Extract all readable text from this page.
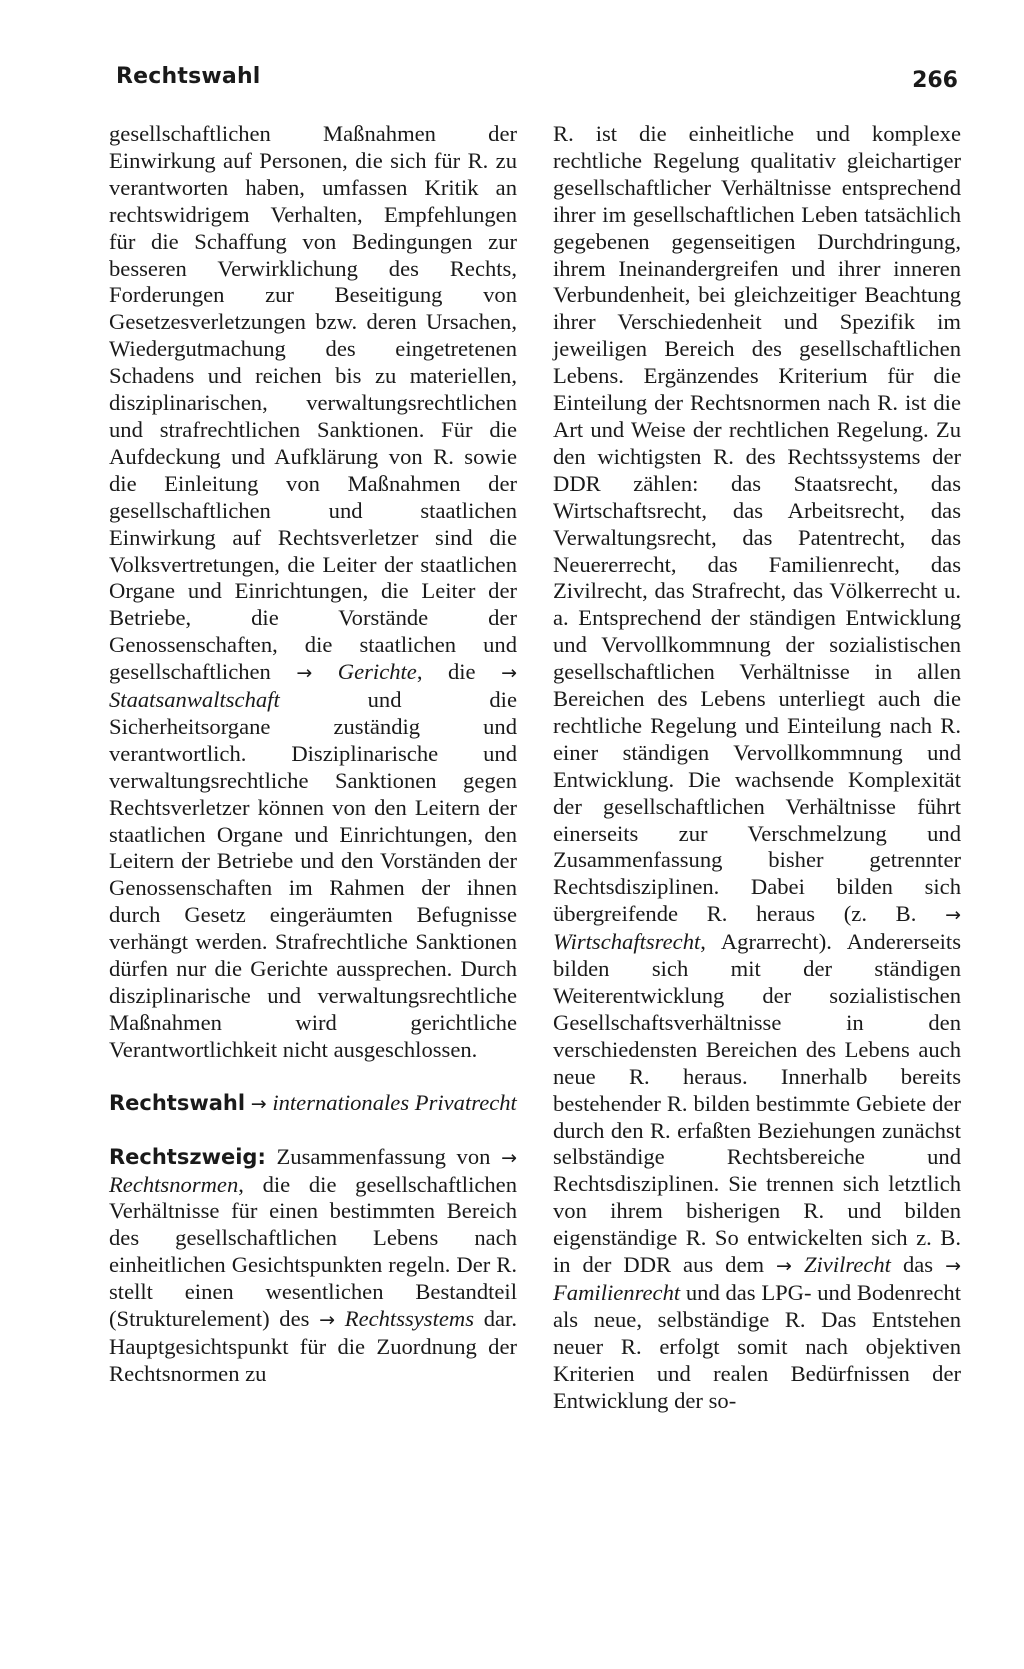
Rechtswahl	266

gesellschaftlichen Maßnahmen der Einwirkung auf Personen, die sich für R. zu verantworten haben, umfassen Kritik an rechtswidrigem Verhalten, Empfehlungen für die Schaffung von Bedingungen zur besseren Verwirklichung des Rechts, Forderungen zur Beseitigung von Gesetzesverletzungen bzw. deren Ursachen, Wiedergutmachung des eingetretenen Schadens und reichen bis zu materiellen, disziplinarischen, verwaltungsrechtlichen und strafrechtlichen Sanktionen. Für die Aufdeckung und Aufklärung von R. sowie die Einleitung von Maßnahmen der gesellschaftlichen und staatlichen Einwirkung auf Rechtsverletzer sind die Volksvertretungen, die Leiter der staatlichen Organe und Einrichtungen, die Leiter der Betriebe, die Vorstände der Genossenschaften, die staatlichen und gesellschaftlichen → Gerichte, die → Staatsanwaltschaft	und die Sicherheitsorgane zuständig und verantwortlich. Disziplinarische und verwaltungsrechtliche Sanktionen gegen Rechtsverletzer können von den Leitern der staatlichen Organe und Einrichtungen, den Leitern der Betriebe und den Vorständen der Genossenschaften im Rahmen der ihnen durch Gesetz eingeräumten Befugnisse verhängt werden. Strafrechtliche Sanktionen dürfen nur die Gerichte aussprechen. Durch disziplinarische und verwaltungsrechtliche Maßnahmen wird gerichtliche Verantwortlichkeit nicht ausgeschlossen.

Rechtswahl → internationales Privatrecht

Rechtszweig: Zusammenfassung von → Rechtsnormen, die die gesellschaftlichen Verhältnisse für einen bestimmten Bereich des gesellschaftlichen Lebens nach einheitlichen Gesichtspunkten regeln. Der R. stellt einen wesentlichen Bestandteil (Strukturelement) des → Rechtssystems dar. Hauptgesichtspunkt für die Zuordnung der Rechtsnormen zu

R. ist die einheitliche und komplexe rechtliche Regelung qualitativ gleichartiger gesellschaftlicher Verhältnisse entsprechend ihrer im gesellschaftlichen Leben tatsächlich gegebenen gegenseitigen Durchdringung, ihrem Ineinandergreifen und ihrer inneren Verbundenheit, bei gleichzeitiger Beachtung ihrer Verschiedenheit und Spezifik im jeweiligen Bereich des gesellschaftlichen Lebens. Ergänzendes Kriterium für die Einteilung der Rechtsnormen nach R. ist die Art und Weise der rechtlichen Regelung. Zu den wichtigsten R. des Rechtssystems der DDR zählen: das Staatsrecht, das Wirtschaftsrecht, das Arbeitsrecht, das Verwaltungsrecht, das Patentrecht, das Neuererrecht, das Familienrecht, das Zivilrecht, das Strafrecht, das Völkerrecht u. a. Entsprechend der ständigen Entwicklung und Vervollkommnung der sozialistischen gesellschaftlichen Verhältnisse in allen Bereichen des Lebens unterliegt auch die rechtliche Regelung und Einteilung nach R. einer ständigen Vervollkommnung und Entwicklung. Die wachsende Komplexität der gesellschaftlichen Verhältnisse führt einerseits zur Verschmelzung und Zusammenfassung bisher getrennter Rechtsdisziplinen. Dabei bilden sich übergreifende R. heraus (z. B. → Wirtschaftsrecht, Agrarrecht). Andererseits bilden sich mit der ständigen Weiterentwicklung der sozialistischen Gesellschaftsverhältnisse in den verschiedensten Bereichen des Lebens auch neue R. heraus. Innerhalb bereits bestehender R. bilden bestimmte Gebiete der durch den R. erfaßten Beziehungen zunächst selbständige Rechtsbereiche und Rechtsdisziplinen. Sie trennen sich letztlich von ihrem bisherigen R. und bilden eigenständige R. So entwickelten sich z. B. in der DDR aus dem → Zivilrecht das → Familienrecht und das LPG- und Bodenrecht als neue, selbständige R. Das Entstehen neuer R. erfolgt somit nach objektiven Kriterien und realen Bedürfnissen der Entwicklung der so-
